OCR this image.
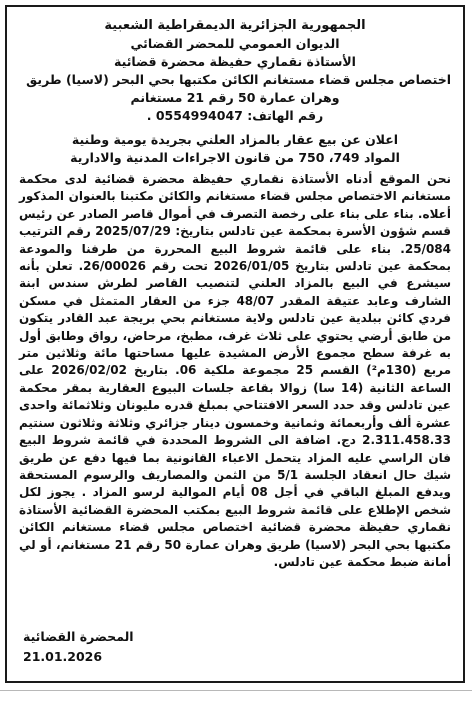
الجمهورية الجزائرية الديمقراطية الشعبية

الديوان العمومي للمحضر القضائي

الأستاذة نقماري حفيظة محضرة قضائية

اختصاص مجلس قضاء مستغانم الكائن مكتبها بحي البحر (لاسيا) طريق

وهران عمارة 50 رقم 21 مستغانم

رقم الهاتف: 0554994047 .

اعلان عن بيع عقار بالمزاد العلني بجريدة يومية وطنية

المواد 749، 750 من قانون الاجراءات المدنية والادارية

نحن الموقع أدناه الأستاذة نقماري حفيظة محضرة قضائية لدى محكمة مستغانم الاختصاص مجلس قضاء مستغانم والكائن مكتبنا بالعنوان المذكور أعلاه. بناء على بناء على رخصة التصرف في أموال قاصر الصادر عن رئيس قسم شؤون الأسرة بمحكمة عين تادلس بتاريخ: 2025/07/29 رقم الترتيب 25/084. بناء على قائمة شروط البيع المحررة من طرفنا والمودعة بمحكمة عين تادلس بتاريخ 2026/01/05 تحت رقم 26/00026. تعلن بأنه سيشرع في البيع بالمزاد العلني لتنصيب القاصر لطرش سندس ابنة الشارف وعابد عتيقة المقدر 48/07 جزء من العقار المتمثل في مسكن فردي كائن ببلدية عين تادلس ولاية مستغانم بحي بريجة عبد القادر يتكون من طابق أرضي يحتوي على ثلاث غرف، مطبخ، مرحاض، رواق وطابق أول به غرفة سطح مجموع الأرض المشيدة عليها مساحتها مائة وثلاثين متر مربع (130م²) القسم 25 مجموعة ملكية 06. بتاريخ 2026/02/02 على الساعة الثانية (14 سا) زوالا بقاعة جلسات البيوع العقارية بمقر محكمة عين تادلس وقد حدد السعر الافتتاحي بمبلغ قدره مليونان وثلاثمائة واحدى عشرة ألف وأربعمائة وثمانية وخمسون دينار جزائري وثلاثة وثلاثون سنتيم 2.311.458.33 دج. اضافة الى الشروط المحددة في قائمة شروط البيع فان الراسي عليه المزاد يتحمل الاعباء القانونية بما فيها دفع عن طريق شيك حال انعقاد الجلسة 5/1 من الثمن والمصاريف والرسوم المستحقة ويدفع المبلغ الباقي في أجل 08 أيام الموالية لرسو المزاد . يجوز لكل شخص الإطلاع على قائمة شروط البيع بمكتب المحضرة القضائية الأستاذة نقماري حفيظة محضرة قضائية اختصاص مجلس قضاء مستغانم الكائن مكتبها بحي البحر (لاسيا) طريق وهران عمارة 50 رقم 21 مستغانم، أو لي أمانة ضبط محكمة عين تادلس.

المحضرة القضائية
21.01.2026
